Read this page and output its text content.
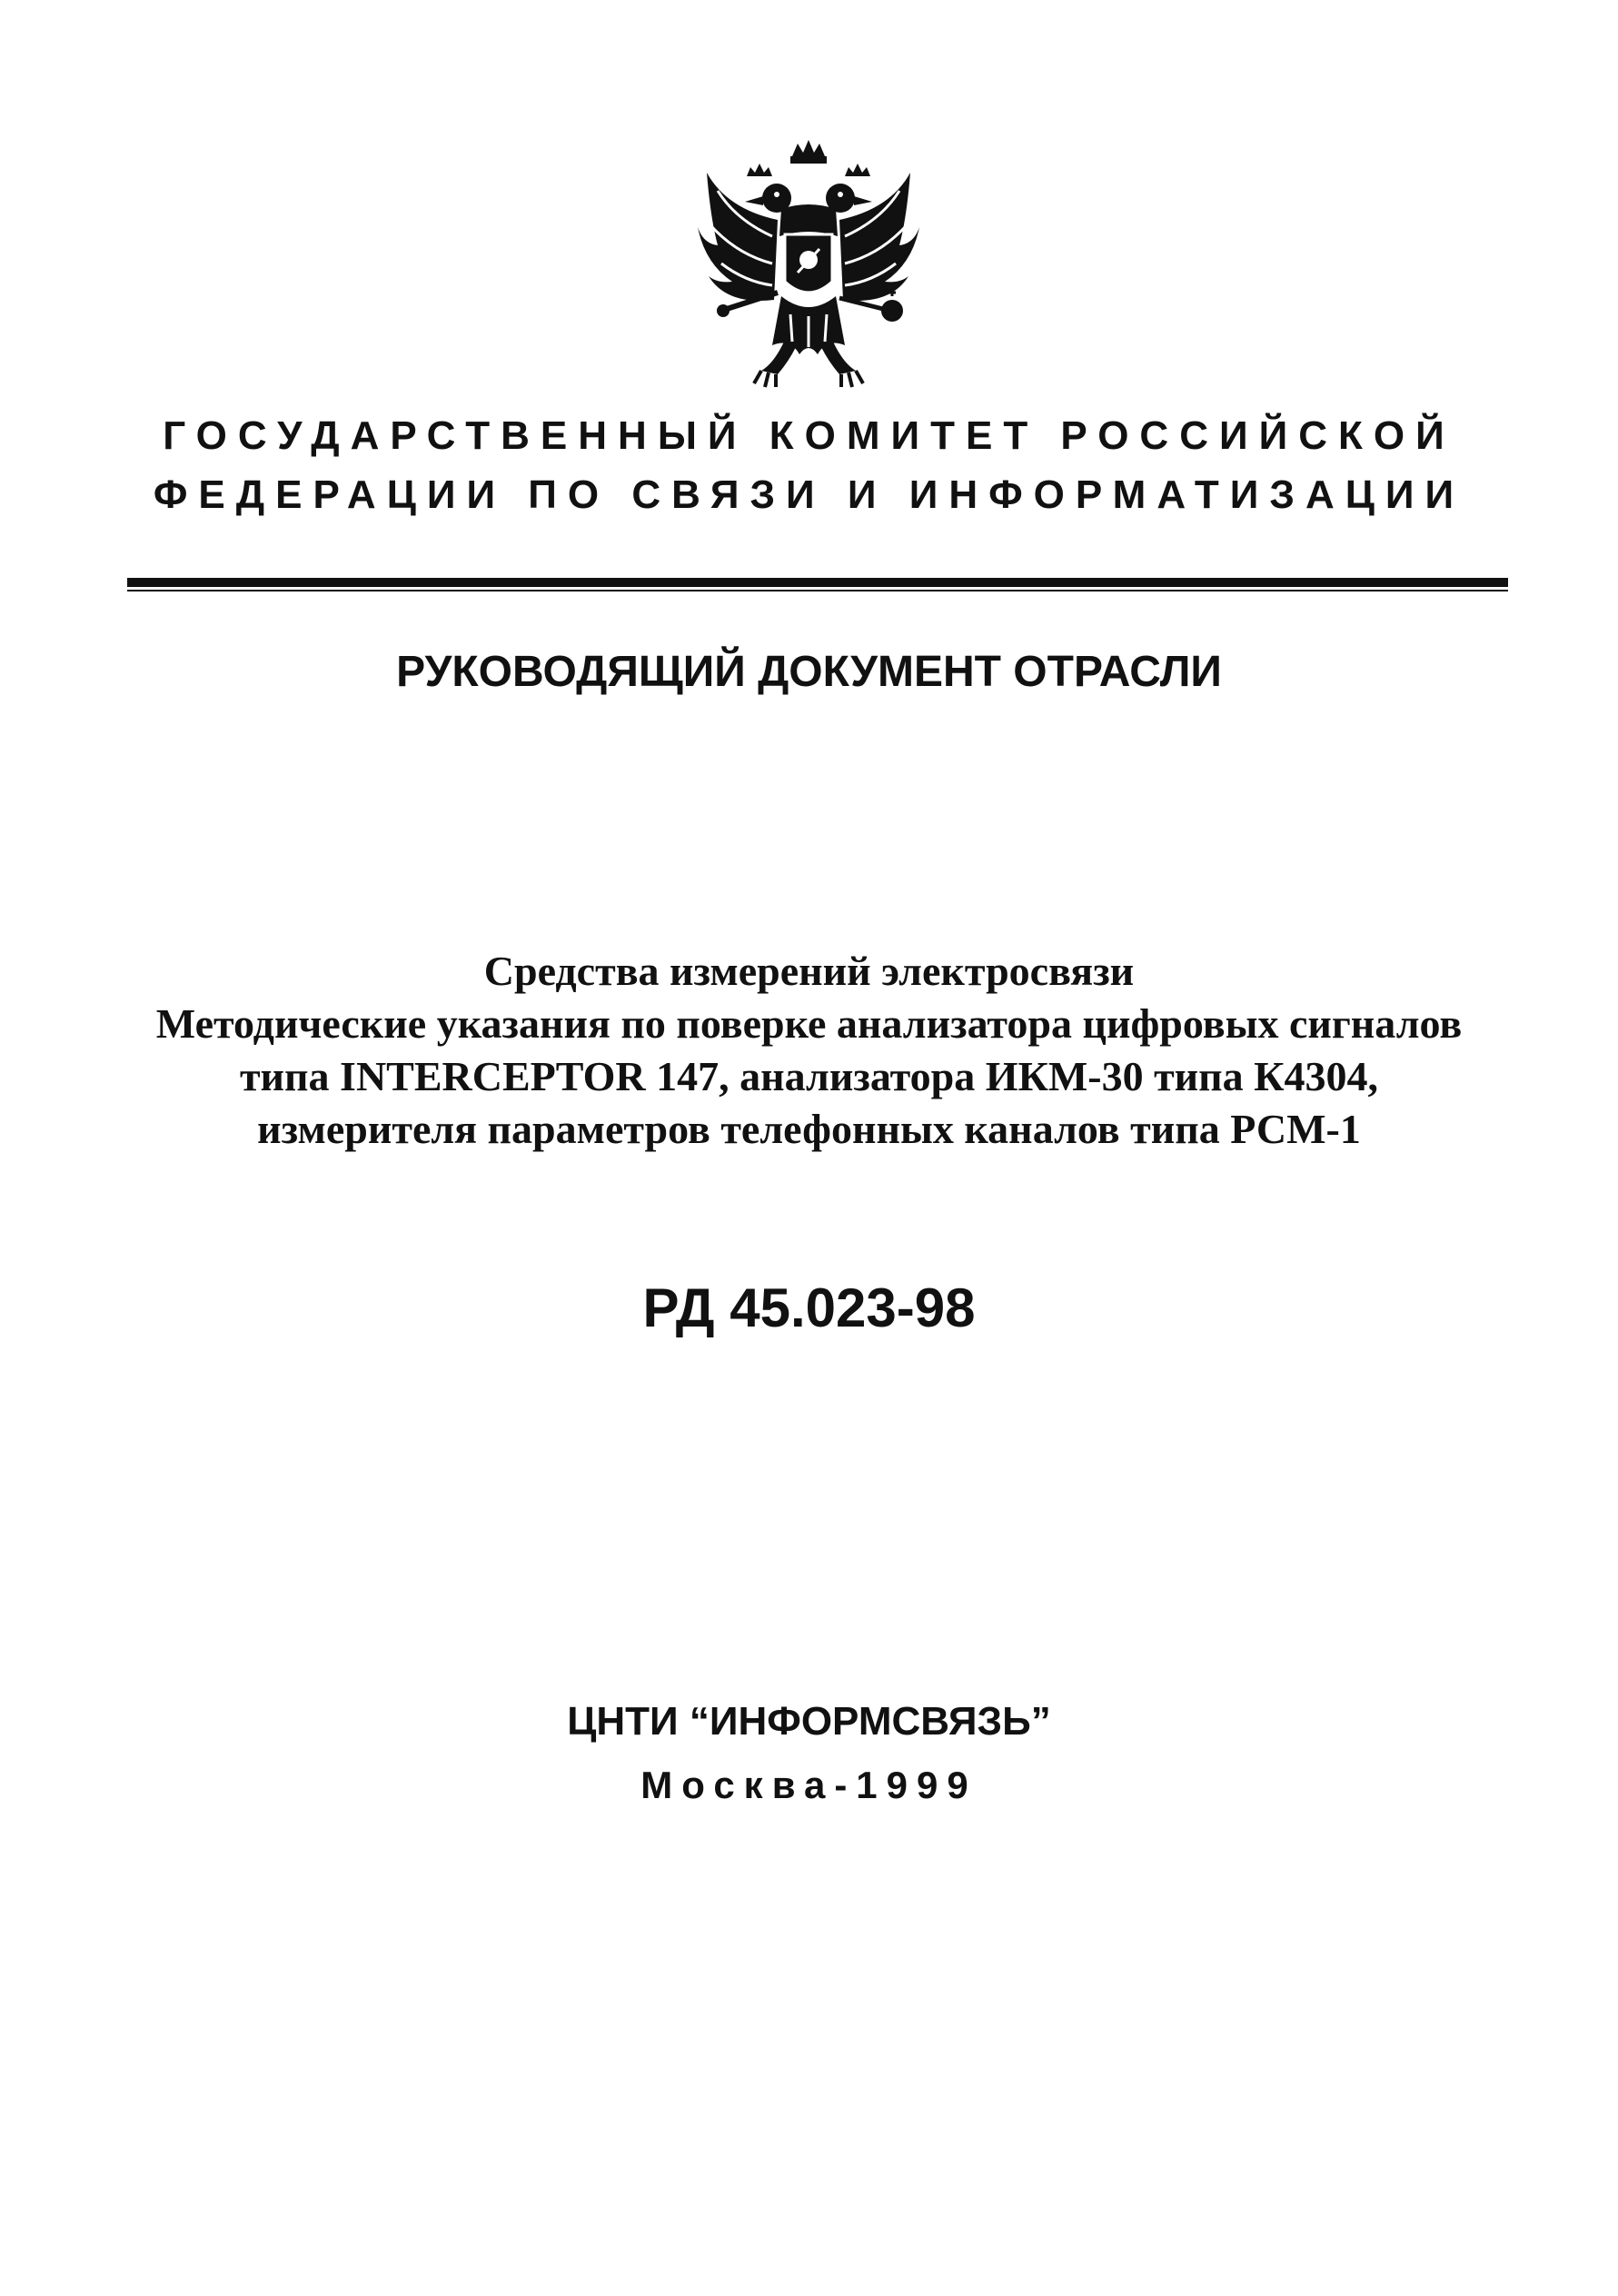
ГОСУДАРСТВЕННЫЙ КОМИТЕТ РОССИЙСКОЙ
ФЕДЕРАЦИИ ПО СВЯЗИ И ИНФОРМАТИЗАЦИИ
РУКОВОДЯЩИЙ ДОКУМЕНТ ОТРАСЛИ
Средства измерений электросвязи
Методические указания по поверке анализатора цифровых сигналов
типа INTERCEPTOR 147, анализатора ИКМ-30 типа К4304,
измерителя параметров телефонных каналов типа РСМ-1
РД 45.023-98
ЦНТИ “ИНФОРМСВЯЗЬ”
Москва-1999
